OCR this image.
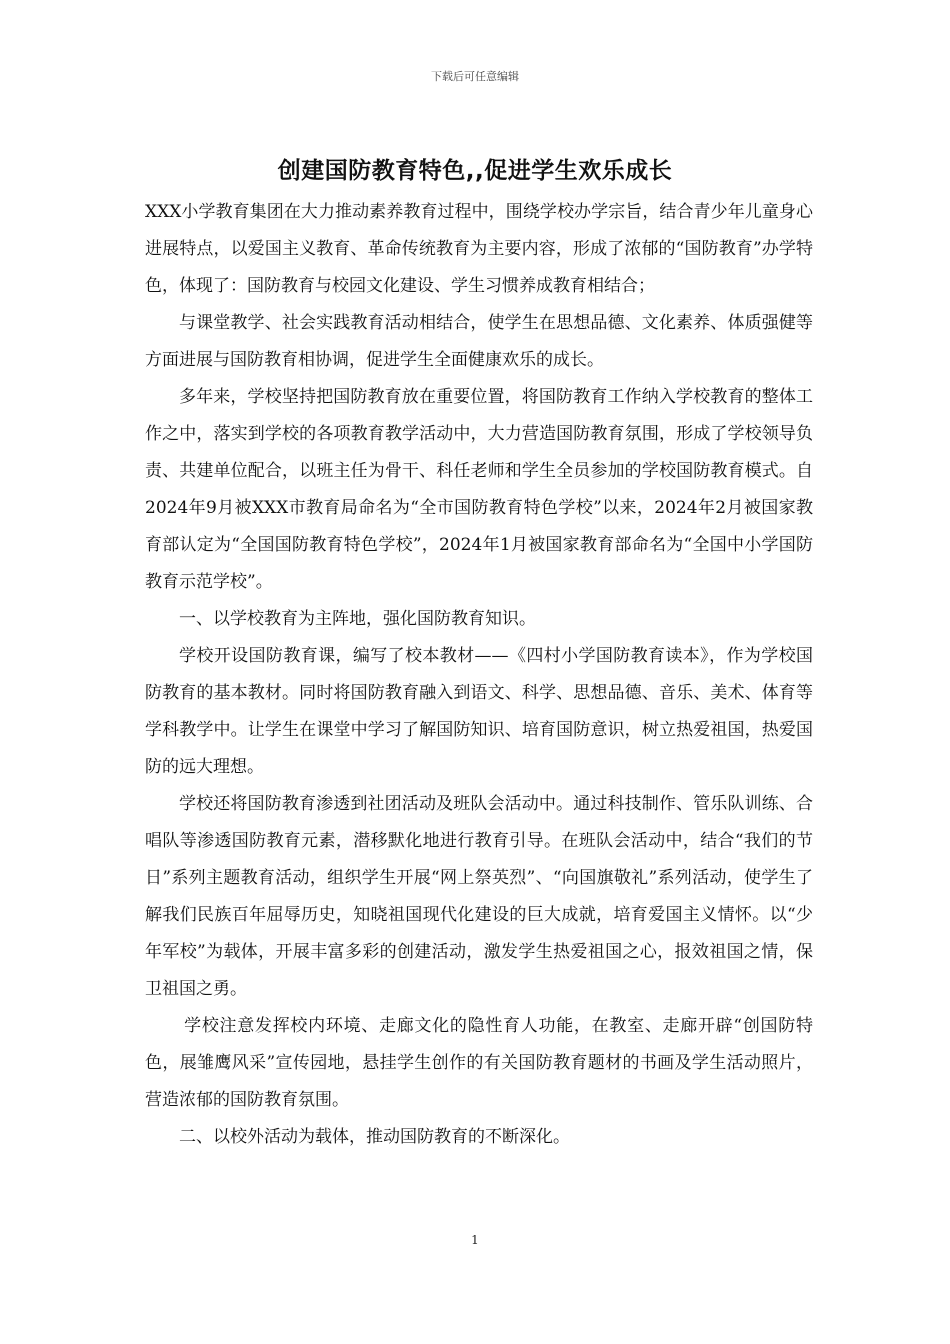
下载后可任意编辑
创建国防教育特色,,促进学生欢乐成长

XXX小学教育集团在大力推动素养教育过程中，围绕学校办学宗旨，结合青少年儿童身心进展特点，以爱国主义教育、革命传统教育为主要内容，形成了浓郁的“国防教育”办学特色，体现了：国防教育与校园文化建设、学生习惯养成教育相结合；

与课堂教学、社会实践教育活动相结合，使学生在思想品德、文化素养、体质强健等方面进展与国防教育相协调，促进学生全面健康欢乐的成长。

多年来，学校坚持把国防教育放在重要位置，将国防教育工作纳入学校教育的整体工作之中，落实到学校的各项教育教学活动中，大力营造国防教育氛围，形成了学校领导负责、共建单位配合，以班主任为骨干、科任老师和学生全员参加的学校国防教育模式。自2024年9月被XXX市教育局命名为“全市国防教育特色学校”以来，2024年2月被国家教育部认定为“全国国防教育特色学校”，2024年1月被国家教育部命名为“全国中小学国防教育示范学校”。

一、以学校教育为主阵地，强化国防教育知识。

学校开设国防教育课，编写了校本教材——《四村小学国防教育读本》，作为学校国防教育的基本教材。同时将国防教育融入到语文、科学、思想品德、音乐、美术、体育等学科教学中。让学生在课堂中学习了解国防知识、培育国防意识，树立热爱祖国，热爱国防的远大理想。

学校还将国防教育渗透到社团活动及班队会活动中。通过科技制作、管乐队训练、合唱队等渗透国防教育元素，潜移默化地进行教育引导。在班队会活动中，结合“我们的节日”系列主题教育活动，组织学生开展“网上祭英烈”、“向国旗敬礼”系列活动，使学生了解我们民族百年屈辱历史，知晓祖国现代化建设的巨大成就，培育爱国主义情怀。以“少年军校”为载体，开展丰富多彩的创建活动，激发学生热爱祖国之心，报效祖国之情，保卫祖国之勇。

学校注意发挥校内环境、走廊文化的隐性育人功能，在教室、走廊开辟“创国防特色，展雏鹰风采”宣传园地，悬挂学生创作的有关国防教育题材的书画及学生活动照片，营造浓郁的国防教育氛围。

二、以校外活动为载体，推动国防教育的不断深化。

1
